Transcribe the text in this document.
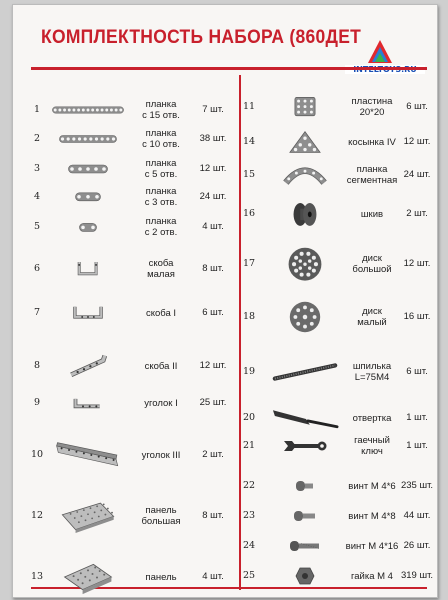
КОМПЛЕКТНОСТЬ НАБОРА (860ДЕТ
1	планка
с 15 отв.
7 шт.
2	планка
с 10 отв.
38 шт.
3	планка
с 5 отв.
12 шт.
4	планка
с 3 отв.
24 шт.
5	планка
с 2 отв.
4 шт.
6	скоба
малая
8 шт.
7	скоба I	6 шт.
8	скоба II	12 шт.
9	уголок I	25 шт.
10	уголок III	2 шт.
12	панель
большая
8 шт.
13	панель	4 шт.
11	пластина
20*20
6 шт.
14	косынка IV 12 шт.
15	планка
сегментная
24 шт.
16	шкив	2 шт.
17	диск
большой
12 шт.
18	диск
малый
16 шт.
19	шпилька
L=75M4
6 шт.
20	отвертка	1 шт.
21	гаечный
ключ
1 шт.
22	винт М 4*6 235 шт.
23	винт М 4*8 44 шт.
24	винт М 4*16 26 шт.
25	гайка М 4 319 шт.
